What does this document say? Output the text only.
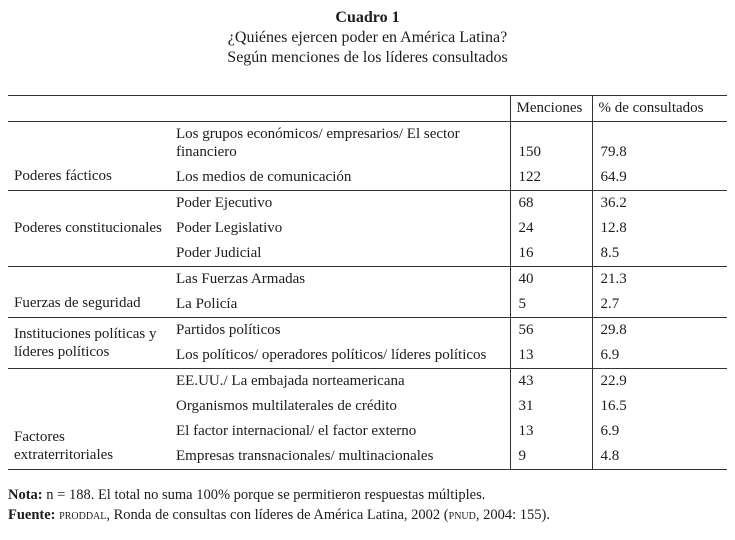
Cuadro 1
¿Quiénes ejercen poder en América Latina?
Según menciones de los líderes consultados
		Menciones	% de consultados
Poderes fácticos	Los grupos económicos/ empresarios/ El sector financiero	150	79.8
	Los medios de comunicación	122	64.9
Poderes constitucionales	Poder Ejecutivo	68	36.2
	Poder Legislativo	24	12.8
	Poder Judicial	16	8.5
Fuerzas de seguridad	Las Fuerzas Armadas	40	21.3
	La Policía	5	2.7
Instituciones políticas y líderes políticos	Partidos políticos	56	29.8
	Los políticos/ operadores políticos/ líderes políticos	13	6.9
Factores extraterritoriales	EE.UU./ La embajada norteamericana	43	22.9
	Organismos multilaterales de crédito	31	16.5
	El factor internacional/ el factor externo	13	6.9
	Empresas transnacionales/ multinacionales	9	4.8
Nota: n = 188. El total no suma 100% porque se permitieron respuestas múltiples.
Fuente: proddal, Ronda de consultas con líderes de América Latina, 2002 (pnud, 2004: 155).
